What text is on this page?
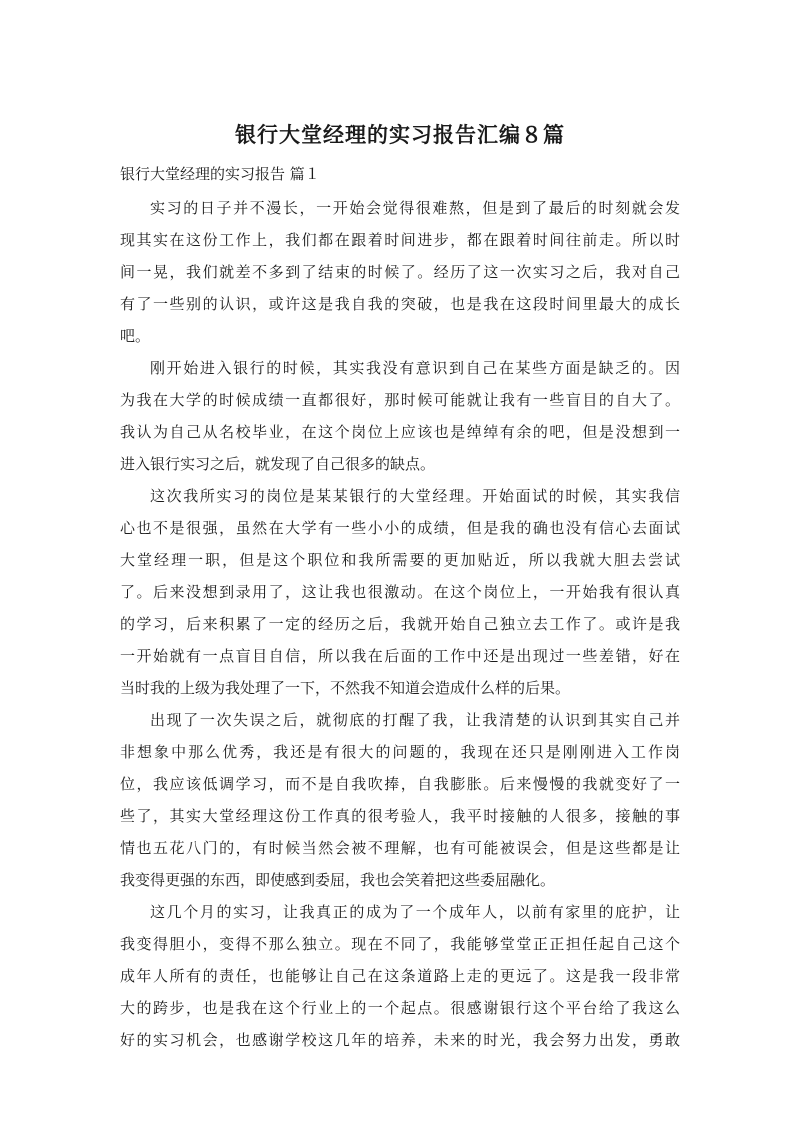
银行大堂经理的实习报告汇编８篇
银行大堂经理的实习报告 篇１

实习的日子并不漫长，一开始会觉得很难熬，但是到了最后的时刻就会发
现其实在这份工作上，我们都在跟着时间进步，都在跟着时间往前走。所以时
间一晃，我们就差不多到了结束的时候了。经历了这一次实习之后，我对自己
有了一些别的认识，或许这是我自我的突破，也是我在这段时间里最大的成长
吧。

刚开始进入银行的时候，其实我没有意识到自己在某些方面是缺乏的。因
为我在大学的时候成绩一直都很好，那时候可能就让我有一些盲目的自大了。
我认为自己从名校毕业，在这个岗位上应该也是绰绰有余的吧，但是没想到一
进入银行实习之后，就发现了自己很多的缺点。

这次我所实习的岗位是某某银行的大堂经理。开始面试的时候，其实我信
心也不是很强，虽然在大学有一些小小的成绩，但是我的确也没有信心去面试
大堂经理一职，但是这个职位和我所需要的更加贴近，所以我就大胆去尝试
了。后来没想到录用了，这让我也很激动。在这个岗位上，一开始我有很认真
的学习，后来积累了一定的经历之后，我就开始自己独立去工作了。或许是我
一开始就有一点盲目自信，所以我在后面的工作中还是出现过一些差错，好在
当时我的上级为我处理了一下，不然我不知道会造成什么样的后果。

出现了一次失误之后，就彻底的打醒了我，让我清楚的认识到其实自己并
非想象中那么优秀，我还是有很大的问题的，我现在还只是刚刚进入工作岗
位，我应该低调学习，而不是自我吹捧，自我膨胀。后来慢慢的我就变好了一
些了，其实大堂经理这份工作真的很考验人，我平时接触的人很多，接触的事
情也五花八门的，有时候当然会被不理解，也有可能被误会，但是这些都是让
我变得更强的东西，即使感到委屈，我也会笑着把这些委屈融化。

这几个月的实习，让我真正的成为了一个成年人，以前有家里的庇护，让
我变得胆小，变得不那么独立。现在不同了，我能够堂堂正正担任起自己这个
成年人所有的责任，也能够让自己在这条道路上走的更远了。这是我一段非常
大的跨步，也是我在这个行业上的一个起点。很感谢银行这个平台给了我这么
好的实习机会，也感谢学校这几年的培养，未来的时光，我会努力出发，勇敢
